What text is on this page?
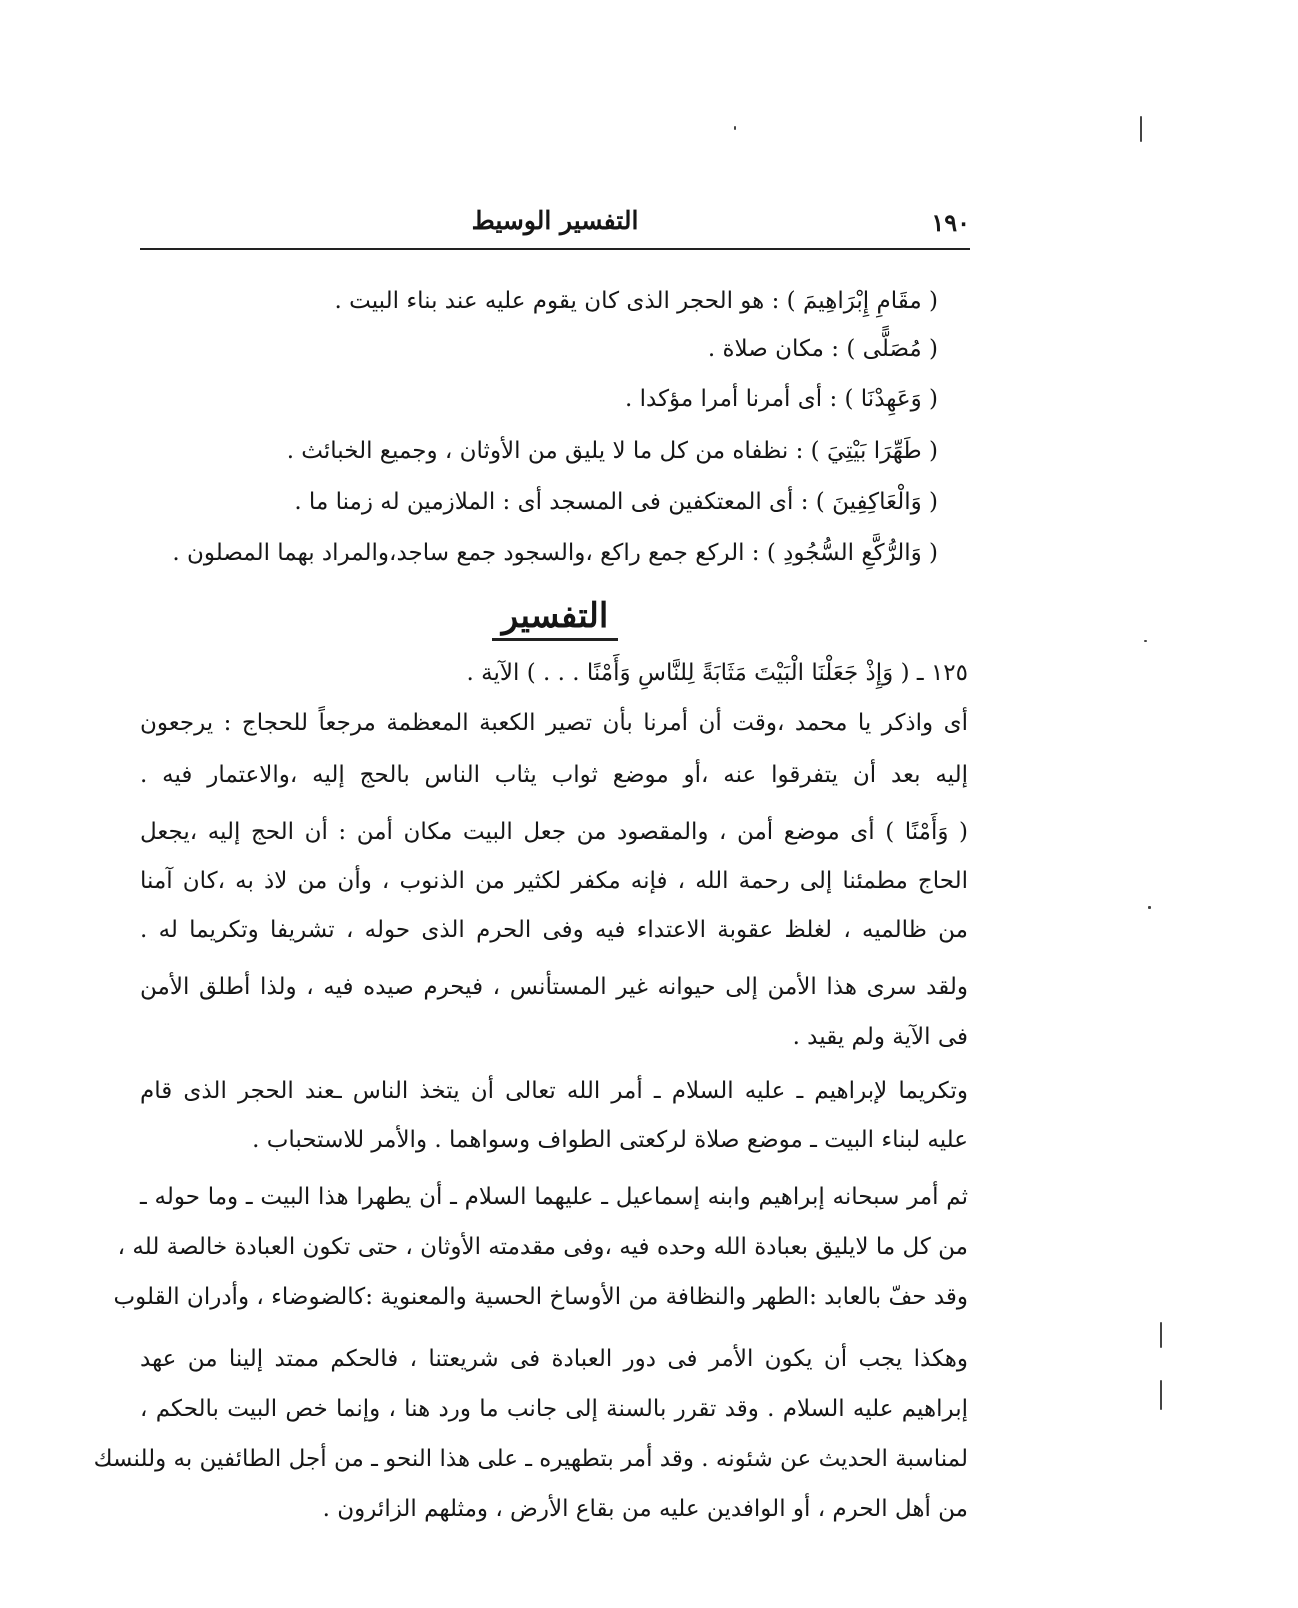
١٩٠
التفسير الوسيط
( مقَامِ إِبْرَاهِيمَ ) : هو الحجر الذى كان يقوم عليه عند بناء البيت .
( مُصَلًّى ) : مكان صلاة .
( وَعَهِدْنَا ) : أى أمرنا أمرا مؤكدا .
( طَهِّرَا بَيْتِيَ ) : نظفاه من كل ما لا يليق من الأوثان ، وجميع الخبائث .
( وَالْعَاكِفِينَ ) : أى المعتكفين فى المسجد أى : الملازمين له زمنا ما .
( وَالرُّكَّعِ السُّجُودِ ) : الركع جمع راكع ،والسجود جمع ساجد،والمراد بهما المصلون .
التفسير
١٢٥ ـ ( وَإِذْ جَعَلْنَا الْبَيْتَ مَثَابَةً لِلنَّاسِ وَأَمْنًا . . . ) الآية .
أى واذكر يا محمد ،وقت أن أمرنا بأن تصير الكعبة المعظمة مرجعاً للحجاج : يرجعون
إليه بعد أن يتفرقوا عنه ،أو موضع ثواب يثاب الناس بالحج إليه ،والاعتمار فيه .
( وَأَمْنًا ) أى موضع أمن ، والمقصود من جعل البيت مكان أمن : أن الحج إليه ،يجعل
الحاج مطمئنا إلى رحمة الله ، فإنه مكفر لكثير من الذنوب ، وأن من لاذ به ،كان آمنا
من ظالميه ، لغلظ عقوبة الاعتداء فيه وفى الحرم الذى حوله ، تشريفا وتكريما له .
ولقد سرى هذا الأمن إلى حيوانه غير المستأنس ، فيحرم صيده فيه ، ولذا أطلق الأمن
فى الآية ولم يقيد .
وتكريما لإبراهيم ـ عليه السلام ـ أمر الله تعالى أن يتخذ الناس ـعند الحجر الذى قام
عليه لبناء البيت ـ موضع صلاة لركعتى الطواف وسواهما . والأمر للاستحباب .
ثم أمر سبحانه إبراهيم وابنه إسماعيل ـ عليهما السلام ـ أن يطهرا هذا البيت ـ وما حوله ـ
من كل ما لايليق بعبادة الله وحده فيه ،وفى مقدمته الأوثان ، حتى تكون العبادة خالصة لله ،
وقد حفّ بالعابد :الطهر والنظافة من الأوساخ الحسية والمعنوية :كالضوضاء ، وأدران القلوب
وهكذا يجب أن يكون الأمر فى دور العبادة فى شريعتنا ، فالحكم ممتد إلينا من عهد
إبراهيم عليه السلام . وقد تقرر بالسنة إلى جانب ما ورد هنا ، وإنما خص البيت بالحكم ،
لمناسبة الحديث عن شئونه . وقد أمر بتطهيره ـ على هذا النحو ـ من أجل الطائفين به وللنسك
من أهل الحرم ، أو الوافدين عليه من بقاع الأرض ، ومثلهم الزائرون .
